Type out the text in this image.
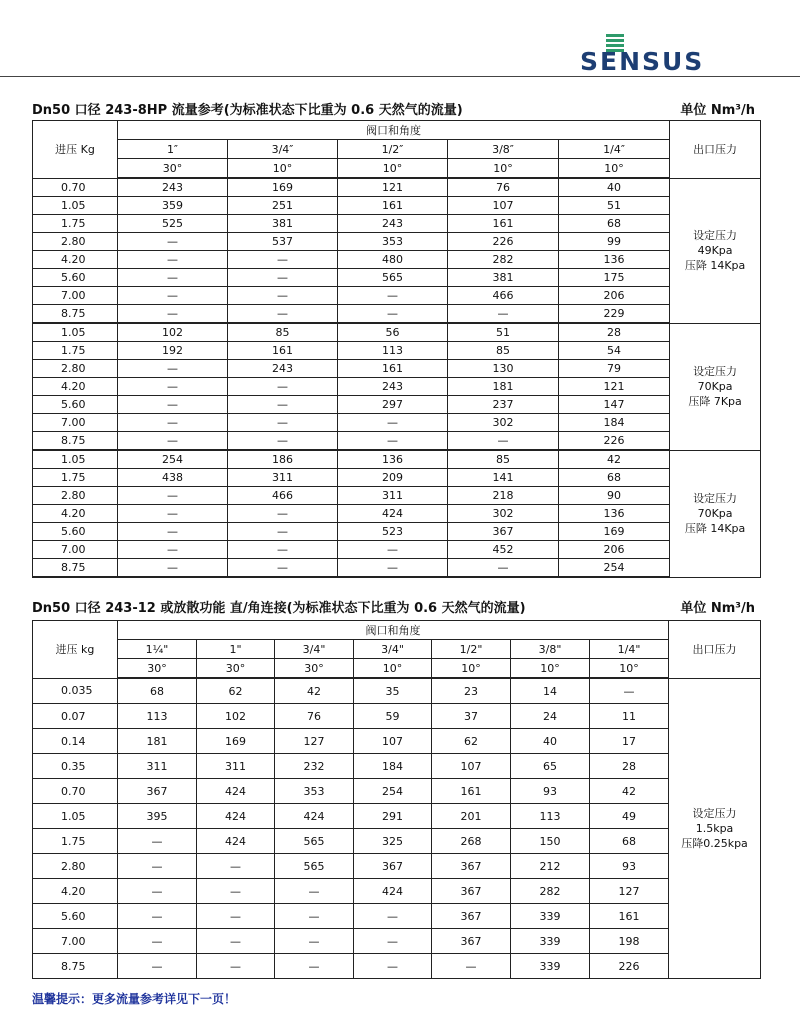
SENSUS
Dn50 口径 243-8HP 流量参考(为标准状态下比重为 0.6 天然气的流量)	单位 Nm³/h
进压 Kg	阀口和角度					出口压力
	1″	3/4″	1/2″	3/8″	1/4″	
	30°	10°	10°	10°	10°	
0.70	243	169	121	76	40	设定压力
49Kpa
压降 14Kpa

1.05	359	251	161	107	51	
1.75	525	381	243	161	68	
2.80	—	537	353	226	99	
4.20	—	—	480	282	136	
5.60	—	—	565	381	175	
7.00	—	—	—	466	206	
8.75	—	—	—	—	229	
1.05	102	85	56	51	28	设定压力
70Kpa
压降 7Kpa

1.75	192	161	113	85	54	
2.80	—	243	161	130	79	
4.20	—	—	243	181	121	
5.60	—	—	297	237	147	
7.00	—	—	—	302	184	
8.75	—	—	—	—	226	
1.05	254	186	136	85	42	设定压力
70Kpa
压降 14Kpa

1.75	438	311	209	141	68	
2.80	—	466	311	218	90	
4.20	—	—	424	302	136	
5.60	—	—	523	367	169	
7.00	—	—	—	452	206	
8.75	—	—	—	—	254	
Dn50 口径 243-12 或放散功能 直/角连接(为标准状态下比重为 0.6 天然气的流量)	单位 Nm³/h
进压 kg	阀口和角度							出口压力
	1¼"	1"	3/4"	3/4"	1/2"	3/8"	1/4"	
	30°	30°	30°	10°	10°	10°	10°	
0.035	68	62	42	35	23	14	—	设定压力
1.5kpa
压降0.25kpa

0.07	113	102	76	59	37	24	11	
0.14	181	169	127	107	62	40	17	
0.35	311	311	232	184	107	65	28	
0.70	367	424	353	254	161	93	42	
1.05	395	424	424	291	201	113	49	
1.75	—	424	565	325	268	150	68	
2.80	—	—	565	367	367	212	93	
4.20	—	—	—	424	367	282	127	
5.60	—	—	—	—	367	339	161	
7.00	—	—	—	—	367	339	198	
8.75	—	—	—	—	—	339	226	
温馨提示：更多流量参考详见下一页！
